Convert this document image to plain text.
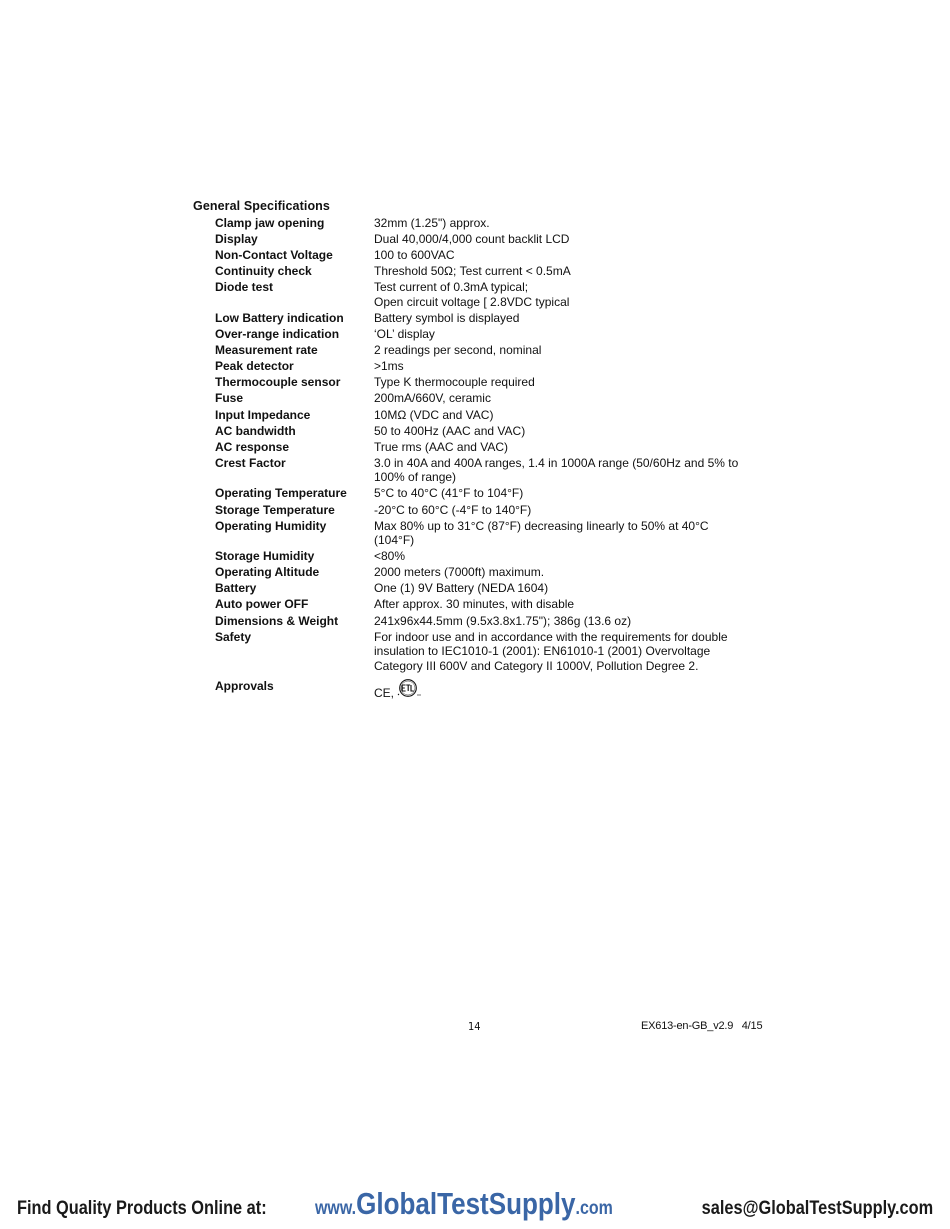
General Specifications
Clamp jaw opening	32mm (1.25") approx.
Display	Dual 40,000/4,000 count backlit LCD
Non-Contact Voltage	100 to 600VAC
Continuity check	Threshold 50Ω; Test current < 0.5mA
Diode test	Test current of 0.3mA typical;
Open circuit voltage [ 2.8VDC typical
Low Battery indication	Battery symbol is displayed
Over-range indication	‘OL’ display
Measurement rate	2 readings per second, nominal
Peak detector	>1ms
Thermocouple sensor	Type K thermocouple required
Fuse	200mA/660V, ceramic
Input Impedance	10MΩ (VDC and VAC)
AC bandwidth	50 to 400Hz (AAC and VAC)
AC response	True rms (AAC and VAC)
Crest Factor	3.0 in 40A and 400A ranges, 1.4 in 1000A range (50/60Hz and 5% to
100% of range)
Operating Temperature	5°C to 40°C (41°F to 104°F)
Storage Temperature	-20°C to 60°C (-4°F to 140°F)
Operating Humidity	Max 80% up to 31°C (87°F) decreasing linearly to 50% at 40°C
(104°F)
Storage Humidity	<80%
Operating Altitude	2000 meters (7000ft) maximum.
Battery	One (1) 9V Battery (NEDA 1604)
Auto power OFF	After approx. 30 minutes, with disable
Dimensions & Weight	241x96x44.5mm (9.5x3.8x1.75"); 386g (13.6 oz)
Safety	For indoor use and in accordance with the requirements for double
insulation to IEC1010-1 (2001): EN61010-1 (2001) Overvoltage
Category III 600V and Category II 1000V, Pollution Degree 2.
Approvals	CE,
14	EX613-en-GB_v2.9   4/15
Find Quality Products Online at:	www.GlobalTestSupply.com	sales@GlobalTestSupply.com
